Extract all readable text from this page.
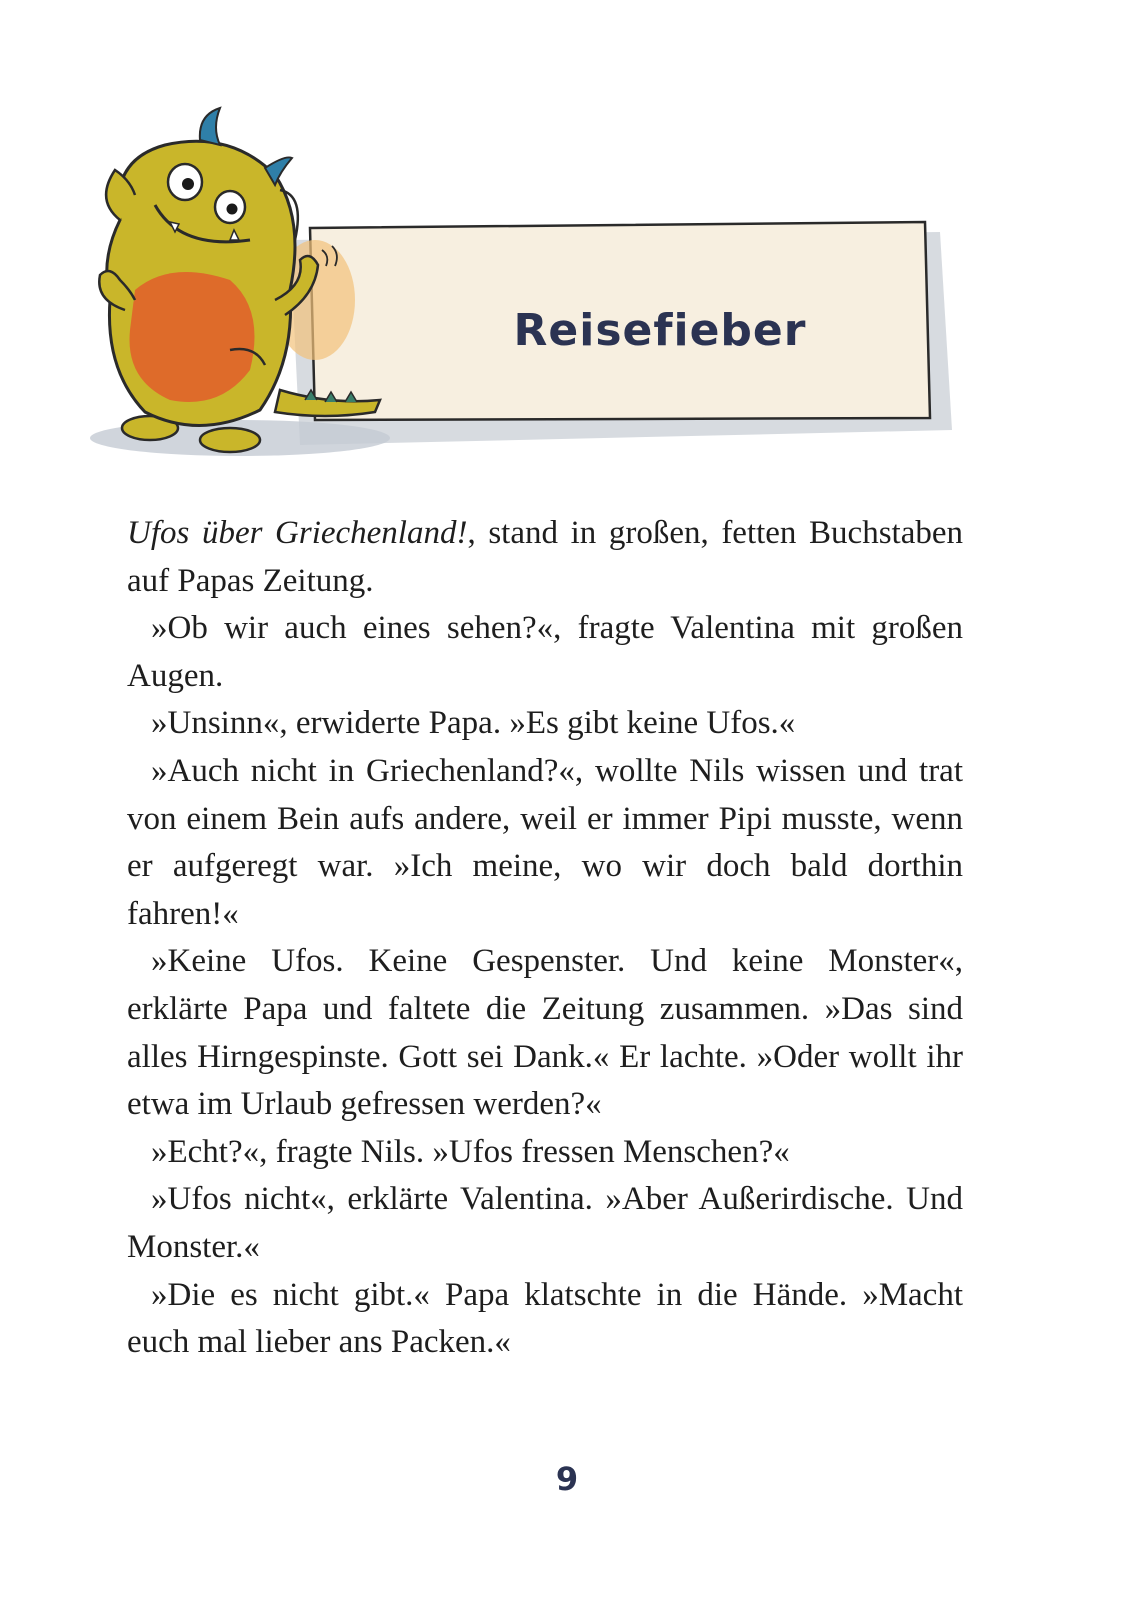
Reisefieber

Ufos über Griechenland!, stand in großen, fetten Buchstaben auf Papas Zeitung.

»Ob wir auch eines sehen?«, fragte Valentina mit großen Augen.

»Unsinn«, erwiderte Papa. »Es gibt keine Ufos.«

»Auch nicht in Griechenland?«, wollte Nils wissen und trat von einem Bein aufs andere, weil er immer Pipi musste, wenn er aufgeregt war. »Ich meine, wo wir doch bald dorthin fahren!«

»Keine Ufos. Keine Gespenster. Und keine Monster«, erklärte Papa und faltete die Zeitung zusammen. »Das sind alles Hirngespinste. Gott sei Dank.« Er lachte. »Oder wollt ihr etwa im Urlaub gefressen werden?«

»Echt?«, fragte Nils. »Ufos fressen Menschen?«

»Ufos nicht«, erklärte Valentina. »Aber Außerirdische. Und Monster.«

»Die es nicht gibt.« Papa klatschte in die Hände. »Macht euch mal lieber ans Packen.«

9
